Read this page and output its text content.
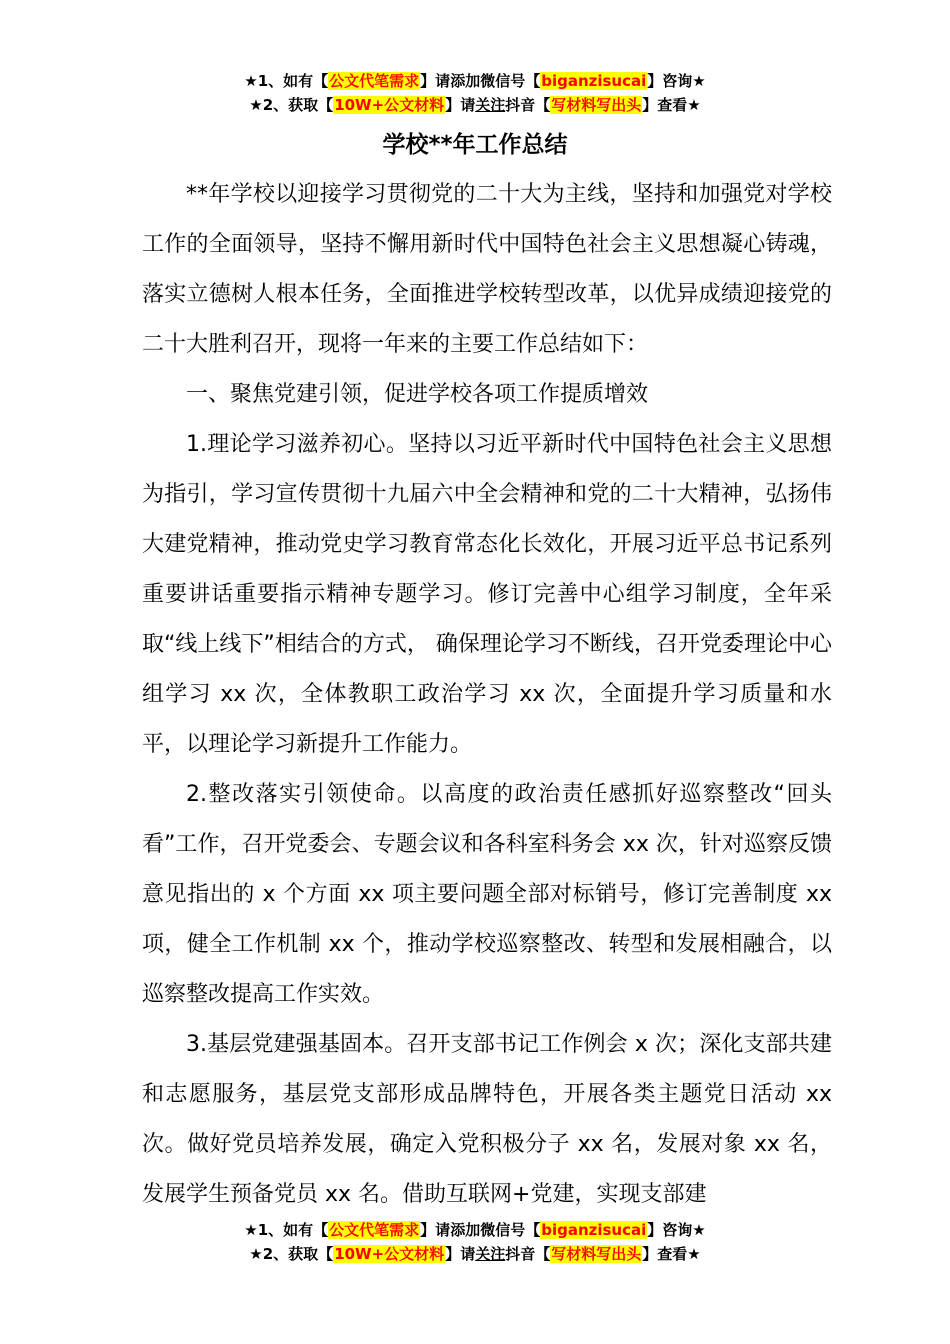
★1、如有【公文代笔需求】请添加微信号【biganzisucai】咨询★
★2、获取【10W+公文材料】请关注抖音【写材料写出头】查看★
学校**年工作总结

**年学校以迎接学习贯彻党的二十大为主线，坚持和加强党对学校工作的全面领导，坚持不懈用新时代中国特色社会主义思想凝心铸魂，落实立德树人根本任务，全面推进学校转型改革，以优异成绩迎接党的二十大胜利召开，现将一年来的主要工作总结如下：

一、聚焦党建引领，促进学校各项工作提质增效

1.理论学习滋养初心。坚持以习近平新时代中国特色社会主义思想为指引，学习宣传贯彻十九届六中全会精神和党的二十大精神，弘扬伟大建党精神，推动党史学习教育常态化长效化，开展习近平总书记系列重要讲话重要指示精神专题学习。修订完善中心组学习制度，全年采取“线上线下”相结合的方式， 确保理论学习不断线，召开党委理论中心组学习 xx 次，全体教职工政治学习 xx 次，全面提升学习质量和水平，以理论学习新提升工作能力。

2.整改落实引领使命。以高度的政治责任感抓好巡察整改“回头看”工作，召开党委会、专题会议和各科室科务会 xx 次，针对巡察反馈意见指出的 x 个方面 xx 项主要问题全部对标销号，修订完善制度 xx 项，健全工作机制 xx 个，推动学校巡察整改、转型和发展相融合，以巡察整改提高工作实效。

3.基层党建强基固本。召开支部书记工作例会 x 次；深化支部共建和志愿服务，基层党支部形成品牌特色，开展各类主题党日活动 xx 次。做好党员培养发展，确定入党积极分子 xx 名，发展对象 xx 名，发展学生预备党员 xx 名。借助互联网+党建，实现支部建

★1、如有【公文代笔需求】请添加微信号【biganzisucai】咨询★
★2、获取【10W+公文材料】请关注抖音【写材料写出头】查看★
